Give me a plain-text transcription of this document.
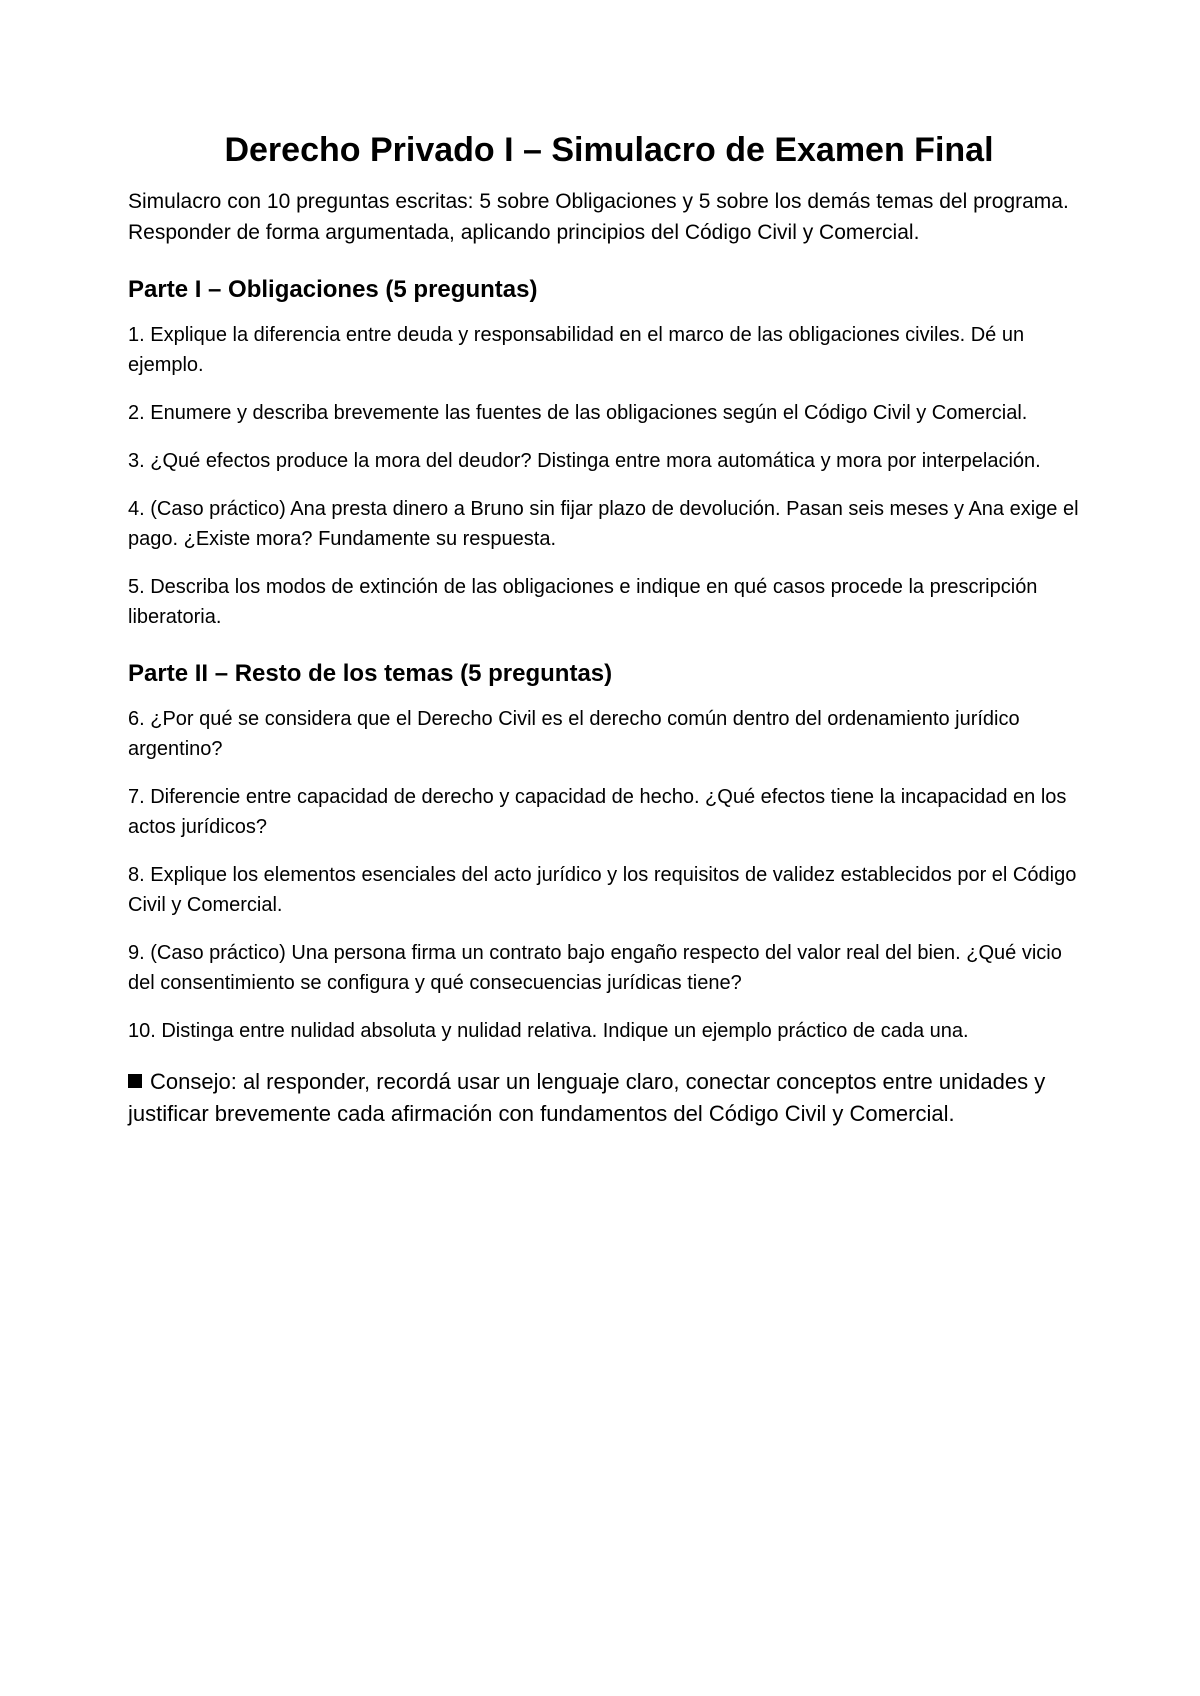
Derecho Privado I – Simulacro de Examen Final

Simulacro con 10 preguntas escritas: 5 sobre Obligaciones y 5 sobre los demás temas del programa. Responder de forma argumentada, aplicando principios del Código Civil y Comercial.

Parte I – Obligaciones (5 preguntas)

1. Explique la diferencia entre deuda y responsabilidad en el marco de las obligaciones civiles. Dé un ejemplo.

2. Enumere y describa brevemente las fuentes de las obligaciones según el Código Civil y Comercial.

3. ¿Qué efectos produce la mora del deudor? Distinga entre mora automática y mora por interpelación.

4. (Caso práctico) Ana presta dinero a Bruno sin fijar plazo de devolución. Pasan seis meses y Ana exige el pago. ¿Existe mora? Fundamente su respuesta.

5. Describa los modos de extinción de las obligaciones e indique en qué casos procede la prescripción liberatoria.

Parte II – Resto de los temas (5 preguntas)

6. ¿Por qué se considera que el Derecho Civil es el derecho común dentro del ordenamiento jurídico argentino?

7. Diferencie entre capacidad de derecho y capacidad de hecho. ¿Qué efectos tiene la incapacidad en los actos jurídicos?

8. Explique los elementos esenciales del acto jurídico y los requisitos de validez establecidos por el Código Civil y Comercial.

9. (Caso práctico) Una persona firma un contrato bajo engaño respecto del valor real del bien. ¿Qué vicio del consentimiento se configura y qué consecuencias jurídicas tiene?

10. Distinga entre nulidad absoluta y nulidad relativa. Indique un ejemplo práctico de cada una.

Consejo: al responder, recordá usar un lenguaje claro, conectar conceptos entre unidades y justificar brevemente cada afirmación con fundamentos del Código Civil y Comercial.
